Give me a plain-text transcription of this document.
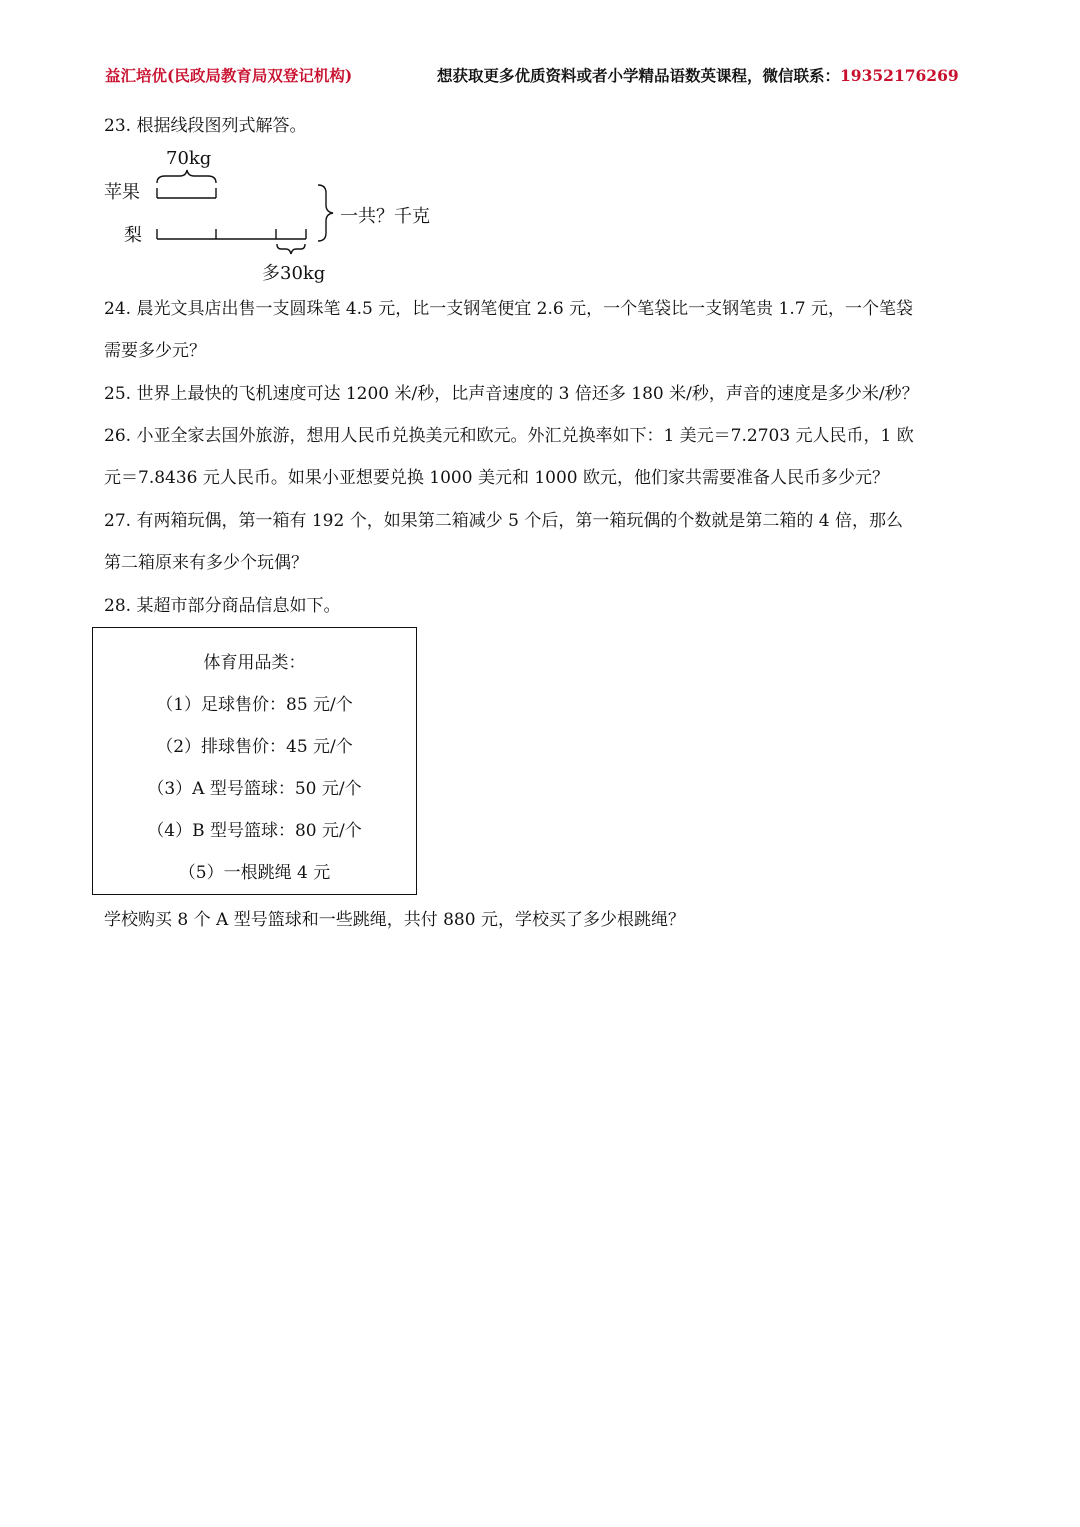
益汇培优(民政局教育局双登记机构)	想获取更多优质资料或者小学精品语数英课程，微信联系：19352176269
23. 根据线段图列式解答。
70kg
苹果
梨
一共？千克
多30kg
24. 晨光文具店出售一支圆珠笔 4.5 元，比一支钢笔便宜 2.6 元，一个笔袋比一支钢笔贵 1.7 元，一个笔袋
需要多少元？
25. 世界上最快的飞机速度可达 1200 米/秒，比声音速度的 3 倍还多 180 米/秒，声音的速度是多少米/秒？
26. 小亚全家去国外旅游，想用人民币兑换美元和欧元。外汇兑换率如下：1 美元＝7.2703 元人民币，1 欧
元＝7.8436 元人民币。如果小亚想要兑换 1000 美元和 1000 欧元，他们家共需要准备人民币多少元？
27. 有两箱玩偶，第一箱有 192 个，如果第二箱减少 5 个后，第一箱玩偶的个数就是第二箱的 4 倍，那么
第二箱原来有多少个玩偶？
28. 某超市部分商品信息如下。
体育用品类：
（1）足球售价：85 元/个
（2）排球售价：45 元/个
（3）A 型号篮球：50 元/个
（4）B 型号篮球：80 元/个
（5）一根跳绳 4 元
学校购买 8 个 A 型号篮球和一些跳绳，共付 880 元，学校买了多少根跳绳？
